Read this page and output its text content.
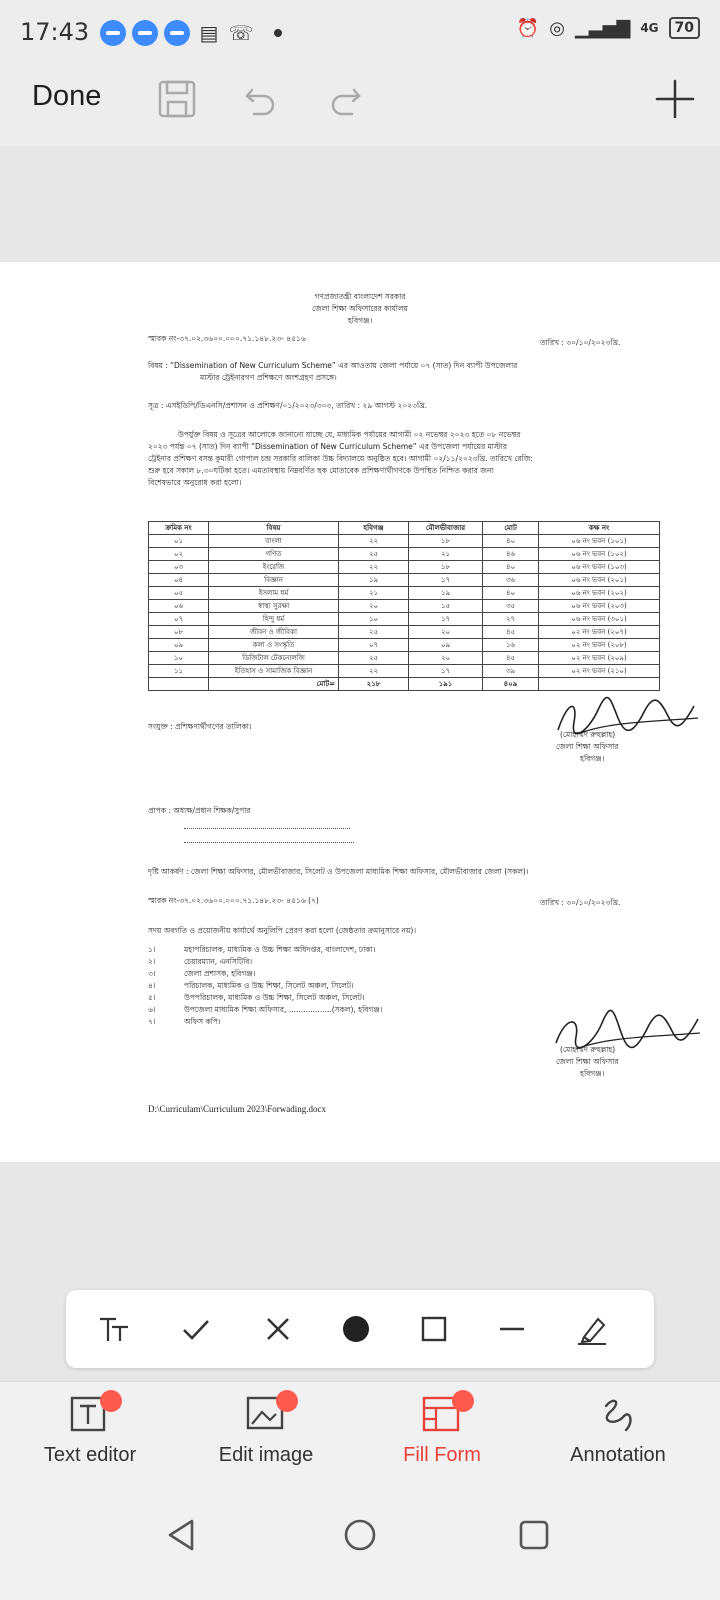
17:43	▤ ☏	⏰ ◎ ▁▃▅▇ 4G	70
Done
গণপ্রজাতন্ত্রী বাংলাদেশ সরকার
জেলা শিক্ষা অফিসারের কার্যালয়
হবিগঞ্জ।
স্মারক নং-৩৭.০২.৩৬০০.০০০.৭১.১৪৮.২৩- ৪৫১৬	তারিখ : ৩০/১০/২০২৩খ্রি.
বিষয় : “Dissemination of New Curriculum Scheme” এর আওতায় জেলা পর্যায়ে ০৭ (সাত) দিন ব্যাপী উপজেলার
মাস্টার ট্রেইনারগণ প্রশিক্ষণে অংশগ্রহণ প্রসঙ্গে।
সূত্র : এসইডিপি/ডিএনসি/প্রশাসন ও প্রশিক্ষণ/০১/২০২৩/৩০৩, তারিখ : ২৯ আগস্ট ২০২৩খ্রি.
উপর্যুক্ত বিষয় ও সূত্রের আলোকে জানানো যাচ্ছে যে, মাধ্যমিক পর্যায়ের আগামী ০২ নভেম্বর ২০২৩ হতে ০৮ নভেম্বর
২০২৩ পর্যন্ত ০৭ (সাত) দিন ব্যাপী “Dissemination of New Curriculum Scheme” এর উপজেলা পর্যায়ের মাস্টার
ট্রেইনার প্রশিক্ষণ বসন্ত কুমারী গোপাল চন্দ্র সরকারি বালিকা উচ্চ বিদ্যালয়ে অনুষ্ঠিত হবে। আগামী ০২/১১/২০২৩খ্রি. তারিখে রেজি:
শুরু হবে সকাল ৮.৩০ঘটিকা হতে। এমতাবস্থায় নিম্নবর্ণিত ছক মোতাবেক প্রশিক্ষণার্থীগণকে উপস্থিত নিশ্চিত করার জন্য
বিশেষভাবে অনুরোধ করা হলো।
ক্রমিক নং	বিষয়	হবিগঞ্জ	মৌলভীবাজার	মোট	কক্ষ নং
০১	বাংলা	২২	১৮	৪০	০৬ নং ভবন (১০১)
০২	গণিত	২৫	২১	৪৬	০৬ নং ভবন (১০২)
০৩	ইংরেজি	২২	১৮	৪০	০৬ নং ভবন (১০৩)
০৪	বিজ্ঞান	১৯	১৭	৩৬	০৬ নং ভবন (২০১)
০৫	ইসলাম ধর্ম	২১	১৯	৪০	০৬ নং ভবন (২০২)
০৬	স্বাস্থ্য সুরক্ষা	২০	১৫	৩৫	০৬ নং ভবন (২০৩)
০৭	হিন্দু ধর্ম	১০	১৭	২৭	০৬ নং ভবন (৩০১)
০৮	জীবন ও জীবিকা	২৫	২০	৪৫	০২ নং ভবন (২০৭)
০৯	কলা ও সংস্কৃতি	০৭	০৯	১৬	০২ নং ভবন (২০৮)
১০	ডিজিটাল টেকনোলজি	২৫	২০	৪৫	০২ নং ভবন (২০৯)
১১	ইতিহাস ও সামাজিক বিজ্ঞান	২২	১৭	৩৯	০২ নং ভবন (২১০)
	মোট=	২১৮	১৯১	৪০৯	
সংযুক্ত : প্রশিক্ষণার্থীগণের তালিকা।
(মোহাম্মদ রুহুল্লাহ)
জেলা শিক্ষা অফিসার
হবিগঞ্জ।
প্রাপক : অধ্যক্ষ/প্রধান শিক্ষক/সুপার
দৃষ্টি আকর্ষণ : জেলা শিক্ষা অফিসার, মৌলভীবাজার, সিলেট ও উপজেলা মাধ্যমিক শিক্ষা অফিসার, মৌলভীবাজার জেলা (সকল)।
স্মারক নং-৩৭.০২.৩৬০০.০০০.৭১.১৪৮.২৩- ৪৫১৬ (৭)	তারিখ : ৩০/১০/২০২৩খ্রি.
সদয় অবগতি ও প্রয়োজনীয় কার্যার্থে অনুলিপি প্রেরণ করা হলো (জেষ্ঠতার ক্রমানুসারে নয়)।
১।	মহাপরিচালক, মাধ্যমিক ও উচ্চ শিক্ষা অধিদপ্তর, বাংলাদেশ, ঢাকা।
২।	চেয়ারম্যান, এনসিটিবি।
৩।	জেলা প্রশাসক, হবিগঞ্জ।
৪।	পরিচালক, মাধ্যমিক ও উচ্চ শিক্ষা, সিলেট অঞ্চল, সিলেট।
৫।	উপপরিচালক, মাধ্যমিক ও উচ্চ শিক্ষা, সিলেট অঞ্চল, সিলেট।
৬।	উপজেলা মাধ্যমিক শিক্ষা অফিসার, ..................(সকল), হবিগঞ্জ।
৭।	অফিস কপি।
(মোহাম্মদ রুহুল্লাহ)
জেলা শিক্ষা অফিসার
হবিগঞ্জ।
D:\Curriculam\Curriculum 2023\Forwading.docx
Text editor	Edit image	Fill Form	Annotation
